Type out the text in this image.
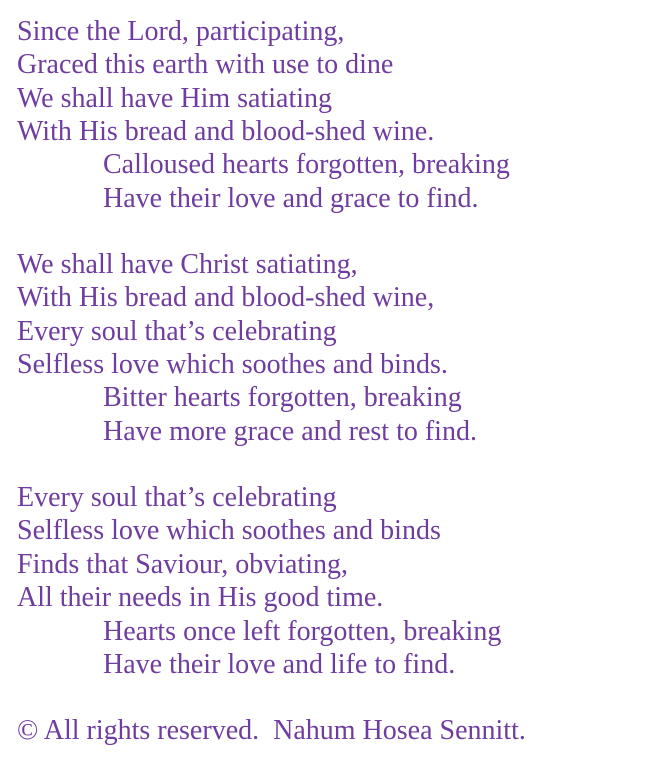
Since the Lord, participating,
Graced this earth with use to dine
We shall have Him satiating
With His bread and blood-shed wine.
Calloused hearts forgotten, breaking
Have their love and grace to find.
We shall have Christ satiating,
With His bread and blood-shed wine,
Every soul that’s celebrating
Selfless love which soothes and binds.
Bitter hearts forgotten, breaking
Have more grace and rest to find.
Every soul that’s celebrating
Selfless love which soothes and binds
Finds that Saviour, obviating,
All their needs in His good time.
Hearts once left forgotten, breaking
Have their love and life to find.
© All rights reserved.  Nahum Hosea Sennitt.
